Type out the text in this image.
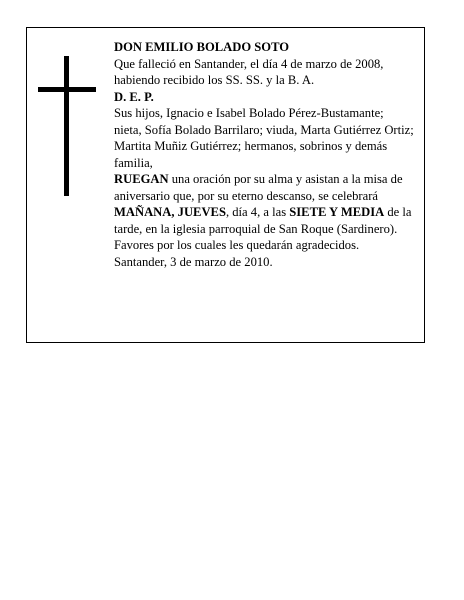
DON EMILIO BOLADO SOTO

Que falleció en Santander, el día 4 de marzo de 2008, habiendo recibido los SS. SS. y la B. A.

D. E. P.

Sus hijos, Ignacio e Isabel Bolado Pérez-Bustamante; nieta, Sofía Bolado Barrilaro; viuda, Marta Gutiérrez Ortiz; Martita Muñiz Gutiérrez; hermanos, sobrinos y demás familia,

RUEGAN una oración por su alma y asistan a la misa de aniversario que, por su eterno descanso, se celebrará MAÑANA, JUEVES, día 4, a las SIETE Y MEDIA de la tarde, en la iglesia parroquial de San Roque (Sardinero). Favores por los cuales les quedarán agradecidos.

Santander, 3 de marzo de 2010.
